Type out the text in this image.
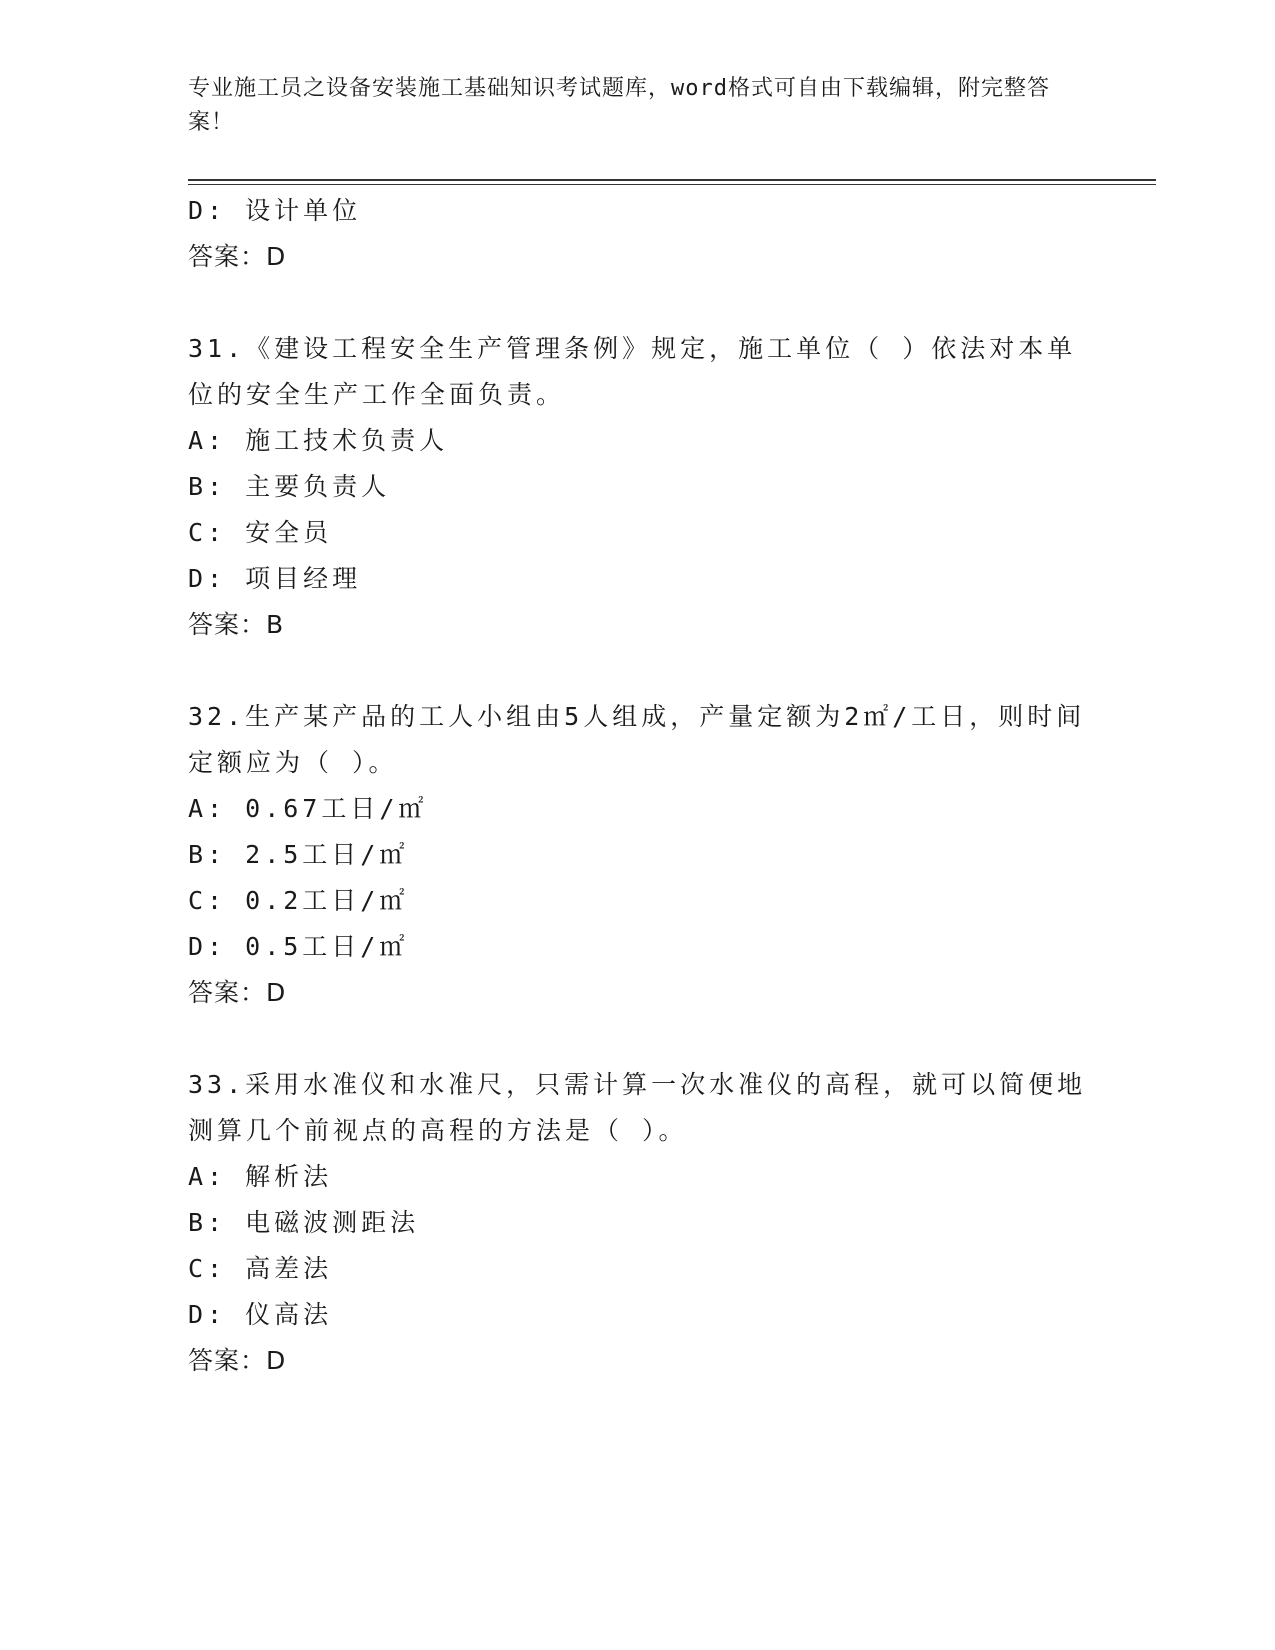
专业施工员之设备安装施工基础知识考试题库，word格式可自由下载编辑，附完整答案！

D: 设计单位

答案：D

31.《建设工程安全生产管理条例》规定，施工单位（ ）依法对本单位的安全生产工作全面负责。

A: 施工技术负责人

B: 主要负责人

C: 安全员

D: 项目经理

答案：B

32.生产某产品的工人小组由5人组成，产量定额为2㎡/工日，则时间定额应为（ ）。

A: 0.67工日/㎡

B: 2.5工日/㎡

C: 0.2工日/㎡

D: 0.5工日/㎡

答案：D

33.采用水准仪和水准尺，只需计算一次水准仪的高程，就可以简便地测算几个前视点的高程的方法是（ ）。

A: 解析法

B: 电磁波测距法

C: 高差法

D: 仪高法

答案：D
